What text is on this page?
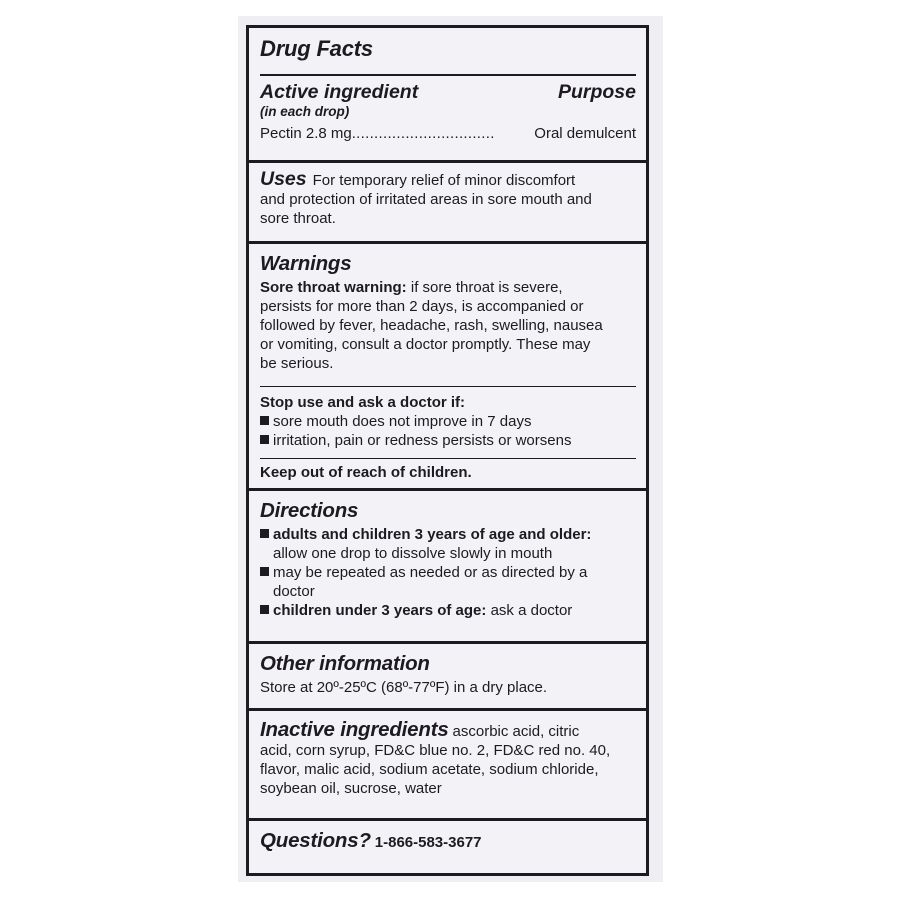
Drug Facts
Active ingredient	Purpose
(in each drop)
Pectin 2.8 mg ................................	Oral demulcent
Uses For temporary relief of minor discomfort
and protection of irritated areas in sore mouth and
sore throat.
Warnings
Sore throat warning: if sore throat is severe,
persists for more than 2 days, is accompanied or
followed by fever, headache, rash, swelling, nausea
or vomiting, consult a doctor promptly. These may
be serious.
Stop use and ask a doctor if:
sore mouth does not improve in 7 days
irritation, pain or redness persists or worsens
Keep out of reach of children.
Directions
adults and children 3 years of age and older:
allow one drop to dissolve slowly in mouth
may be repeated as needed or as directed by a
doctor
children under 3 years of age: ask a doctor
Other information
Store at 20º-25ºC (68º-77ºF) in a dry place.
Inactive ingredients ascorbic acid, citric
acid, corn syrup, FD&C blue no. 2, FD&C red no. 40,
flavor, malic acid, sodium acetate, sodium chloride,
soybean oil, sucrose, water
Questions? 1-866-583-3677
